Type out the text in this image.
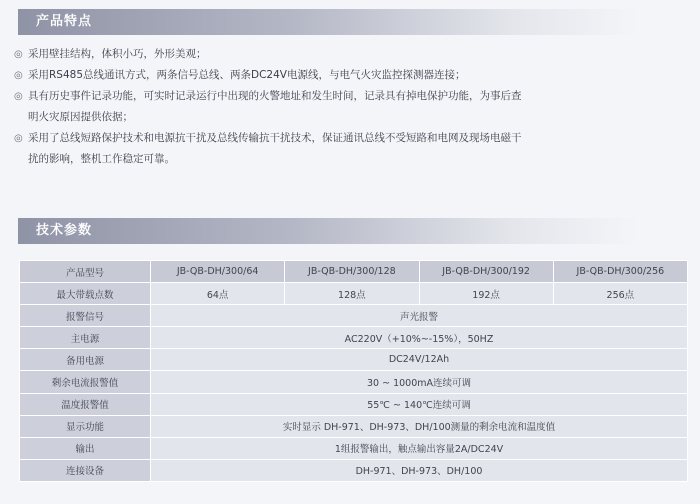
产品特点
◎ 采用壁挂结构，体积小巧，外形美观；
◎ 采用RS485总线通讯方式，两条信号总线、两条DC24V电源线，与电气火灾监控探测器连接；
◎ 具有历史事件记录功能，可实时记录运行中出现的火警地址和发生时间，记录具有掉电保护功能，为事后查
明火灾原因提供依据；
◎ 采用了总线短路保护技术和电源抗干扰及总线传输抗干扰技术，保证通讯总线不受短路和电网及现场电磁干
扰的影响，整机工作稳定可靠。
技术参数
产品型号	JB-QB-DH/300/64	JB-QB-DH/300/128	JB-QB-DH/300/192	JB-QB-DH/300/256
最大带载点数	64点	128点	192点	256点
报警信号	声光报警			
主电源	AC220V（+10%~-15%），50HZ			
备用电源	DC24V/12Ah			
剩余电流报警值	30 ~ 1000mA连续可调			
温度报警值	55℃ ~ 140℃连续可调			
显示功能	实时显示 DH-971、DH-973、DH/100测量的剩余电流和温度值			
输出	1组报警输出，触点输出容量2A/DC24V			
连接设备	DH-971、DH-973、DH/100			
